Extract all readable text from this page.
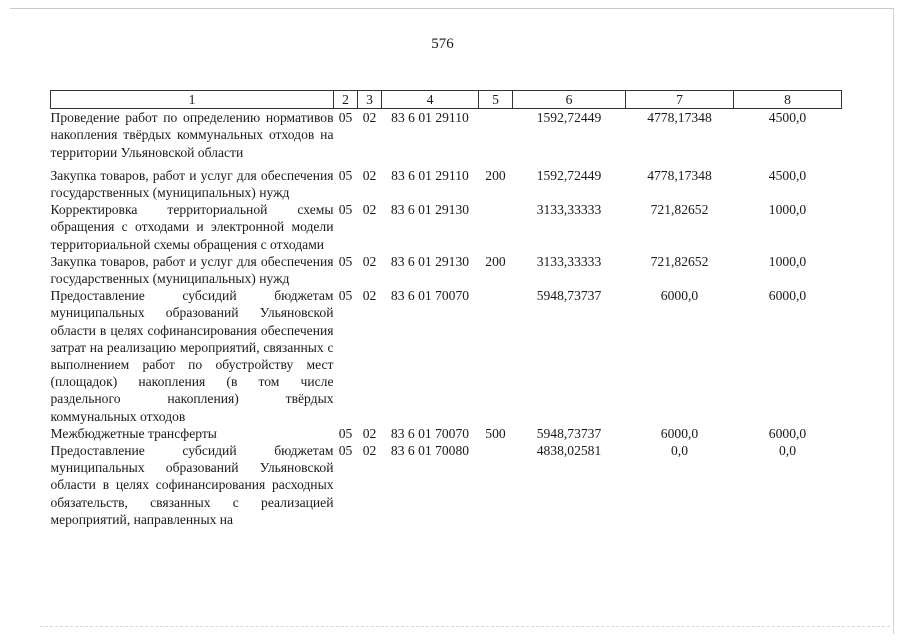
576
1	2	3	4	5	6	7	8
Проведение работ по определению нормативов накопления твёрдых коммунальных отходов на территории Ульяновской области	05	02	83 6 01 29110		1592,72449	4778,17348	4500,0
Закупка товаров, работ и услуг для обеспечения государственных (муниципальных) нужд	05	02	83 6 01 29110	200	1592,72449	4778,17348	4500,0
Корректировка территориальной схемы обращения с отходами и электронной модели территориальной схемы обращения с отходами	05	02	83 6 01 29130		3133,33333	721,82652	1000,0
Закупка товаров, работ и услуг для обеспечения государственных (муниципальных) нужд	05	02	83 6 01 29130	200	3133,33333	721,82652	1000,0
Предоставление субсидий бюджетам муниципальных образований Ульяновской области в целях софинансирования обеспечения затрат на реализацию мероприятий, связанных с выполнением работ по обустройству мест (площадок) накопления (в том числе раздельного накопления) твёрдых коммунальных отходов	05	02	83 6 01 70070		5948,73737	6000,0	6000,0
Межбюджетные трансферты	05	02	83 6 01 70070	500	5948,73737	6000,0	6000,0
Предоставление субсидий бюджетам муниципальных образований Ульяновской области в целях софинансирования расходных обязательств, связанных с реализацией мероприятий, направленных на	05	02	83 6 01 70080		4838,02581	0,0	0,0
